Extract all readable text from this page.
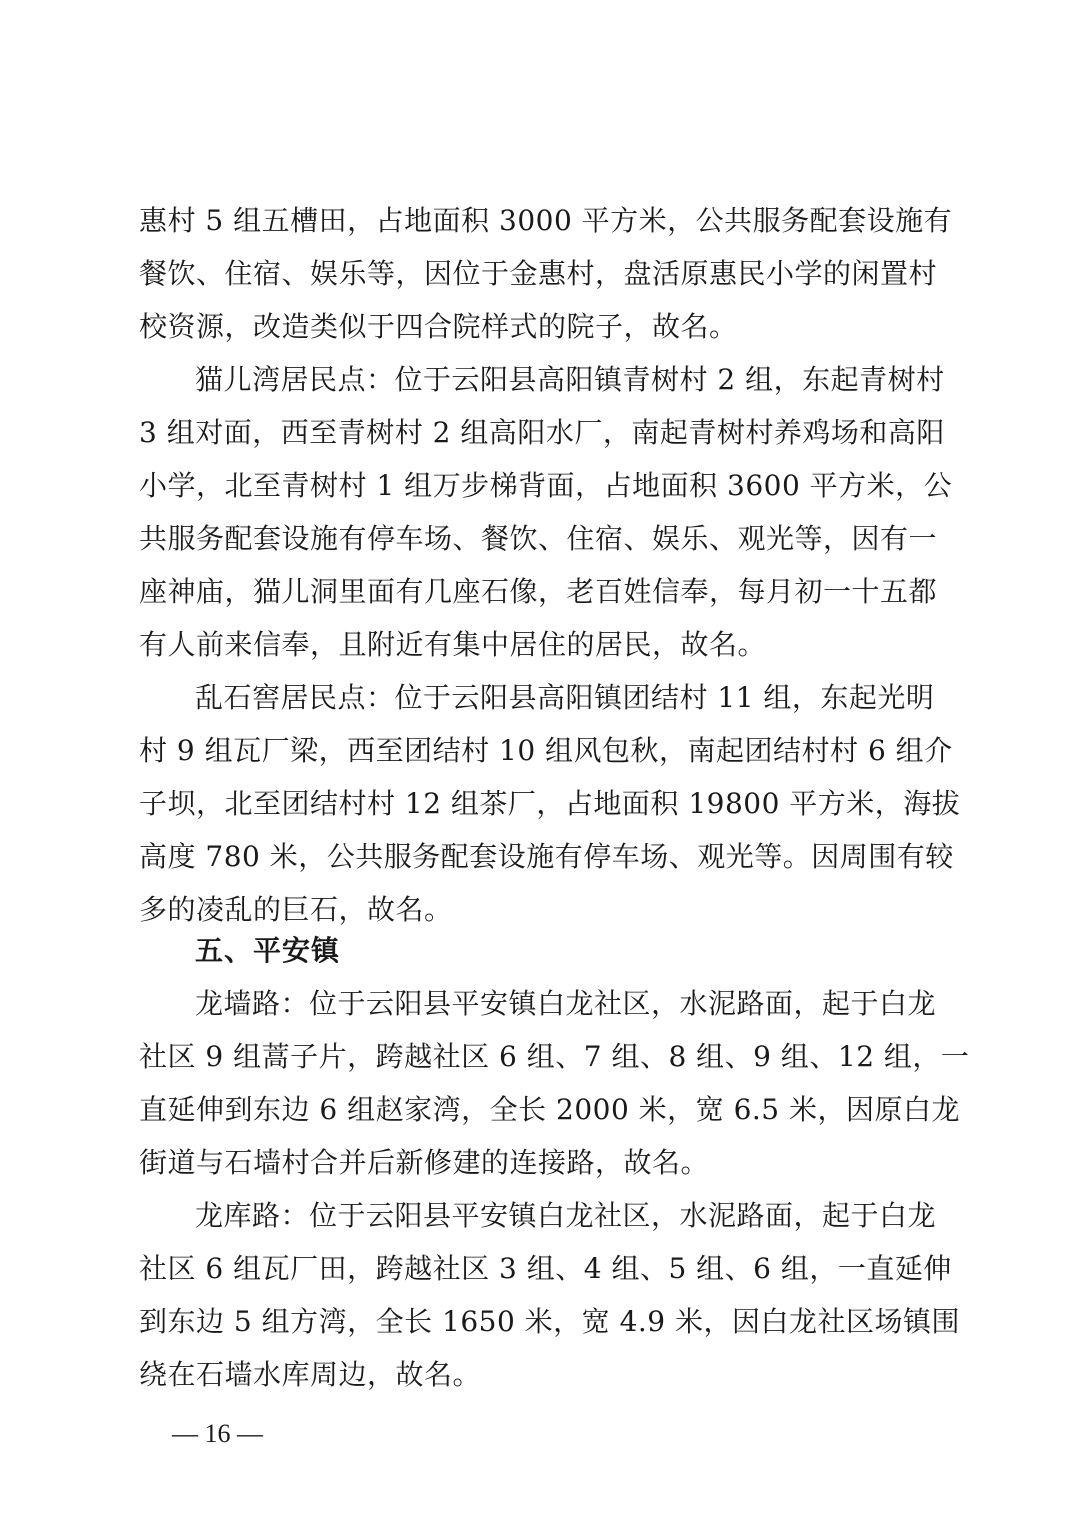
惠村 5 组五槽田，占地面积 3000 平方米，公共服务配套设施有
餐饮、住宿、娱乐等，因位于金惠村，盘活原惠民小学的闲置村
校资源，改造类似于四合院样式的院子，故名。
猫儿湾居民点：位于云阳县高阳镇青树村 2 组，东起青树村
3 组对面，西至青树村 2 组高阳水厂，南起青树村养鸡场和高阳
小学，北至青树村 1 组万步梯背面，占地面积 3600 平方米，公
共服务配套设施有停车场、餐饮、住宿、娱乐、观光等，因有一
座神庙，猫儿洞里面有几座石像，老百姓信奉，每月初一十五都
有人前来信奉，且附近有集中居住的居民，故名。
乱石窖居民点：位于云阳县高阳镇团结村 11 组，东起光明
村 9 组瓦厂梁，西至团结村 10 组风包秋，南起团结村村 6 组介
子坝，北至团结村村 12 组茶厂，占地面积 19800 平方米，海拔
高度 780 米，公共服务配套设施有停车场、观光等。因周围有较
多的凌乱的巨石，故名。
五、平安镇
龙墙路：位于云阳县平安镇白龙社区，水泥路面，起于白龙
社区 9 组蒿子片，跨越社区 6 组、7 组、8 组、9 组、12 组，一
直延伸到东边 6 组赵家湾，全长 2000 米，宽 6.5 米，因原白龙
街道与石墙村合并后新修建的连接路，故名。
龙库路：位于云阳县平安镇白龙社区，水泥路面，起于白龙
社区 6 组瓦厂田，跨越社区 3 组、4 组、5 组、6 组，一直延伸
到东边 5 组方湾，全长 1650 米，宽 4.9 米，因白龙社区场镇围
绕在石墙水库周边，故名。
— 16 —
